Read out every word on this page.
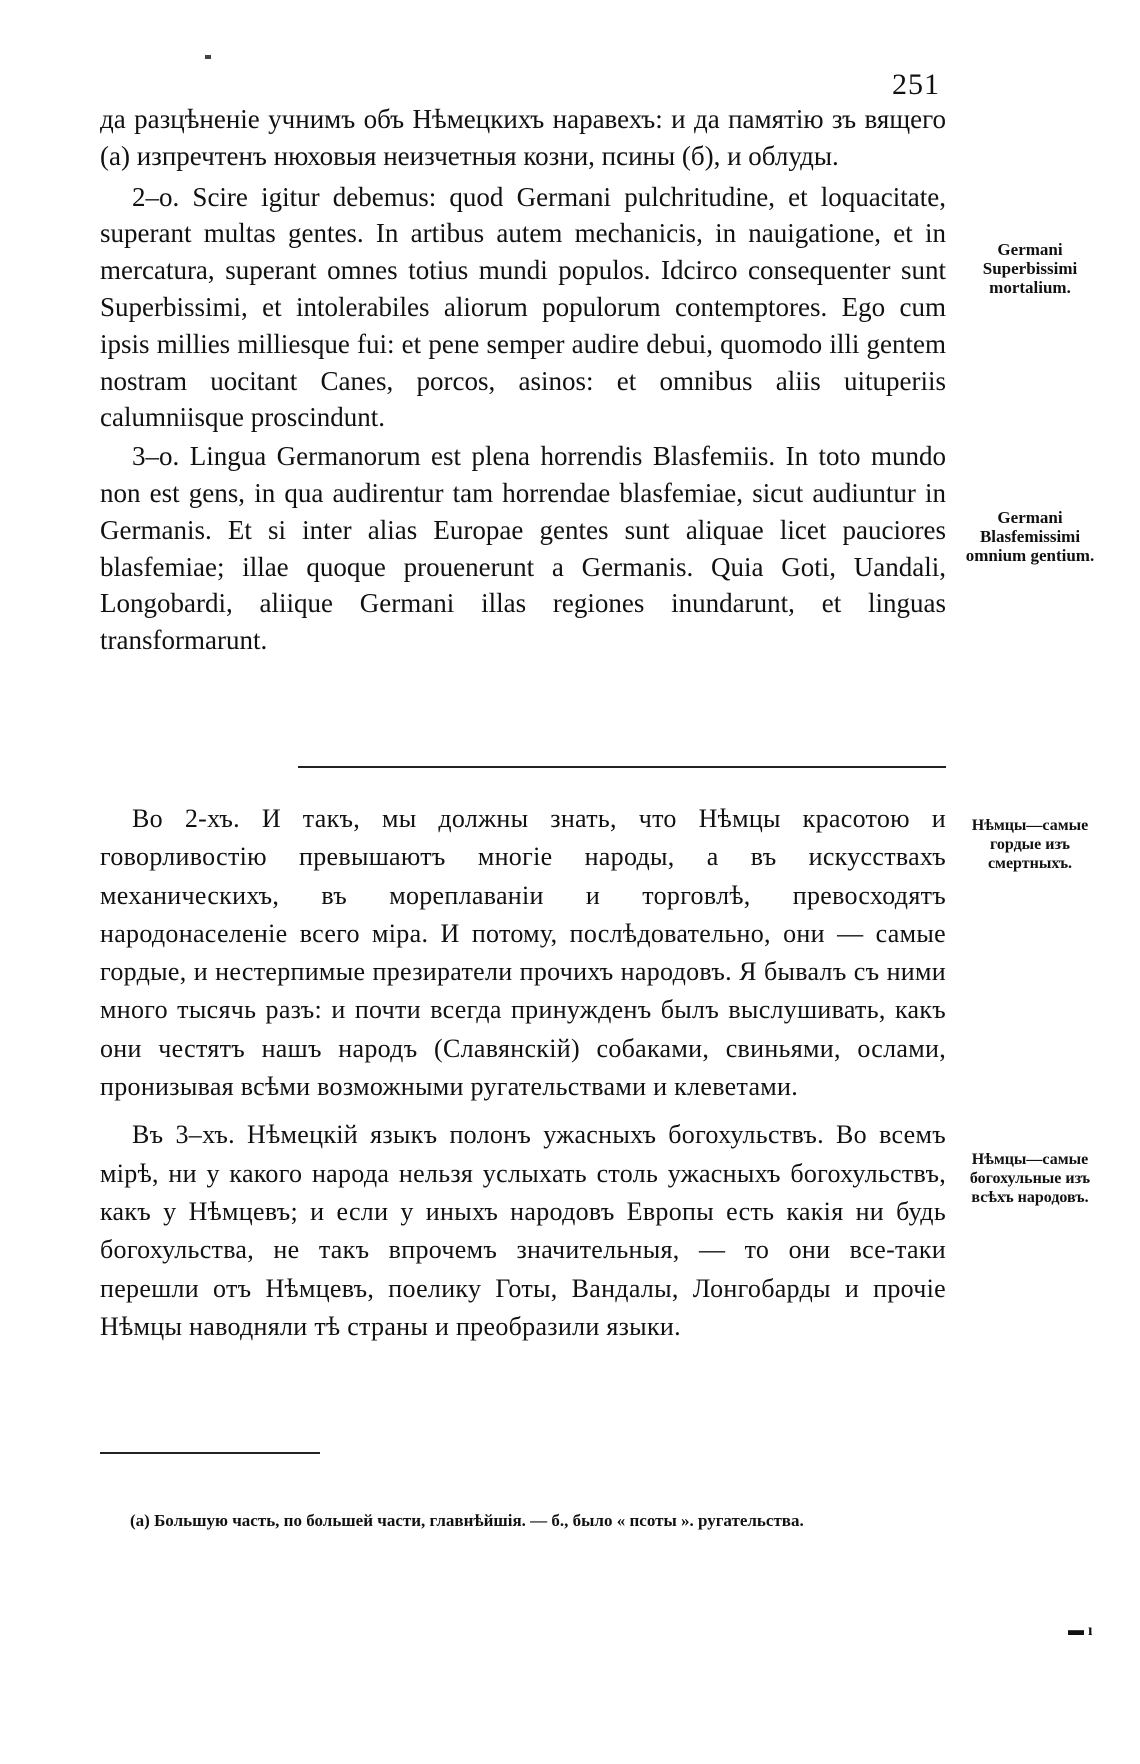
251

да разцѣненіе учнимъ объ Нѣмецкихъ наравехъ: и да памятію зъ вящего (а) изпречтенъ нюховыя неизчетныя козни, псины (б), и облуды.

2–o. Scire igitur debemus: quod Germani pulchritudine, et loquacitate, superant multas gentes. In artibus autem mechanicis, in nauigatione, et in mercatura, superant omnes totius mundi populos. Idcirco consequenter sunt Superbissimi, et intolerabiles aliorum populorum contemptores. Ego cum ipsis millies milliesque fui: et pene semper audire debui, quomodo illi gentem nostram uocitant Canes, porcos, asinos: et omnibus aliis uituperiis calumniisque proscindunt.

3–o. Lingua Germanorum est plena horrendis Blasfemiis. In toto mundo non est gens, in qua audirentur tam horrendae blasfemiae, sicut audiuntur in Germanis. Et si inter alias Europae gentes sunt aliquae licet pauciores blasfemiae; illae quoque prouenerunt a Germanis. Quia Goti, Uandali, Longobardi, aliique Germani illas regiones inundarunt, et linguas transformarunt.

Germani Superbissimi mortalium.
Germani Blasfemissimi omnium gentium.

Во 2-хъ. И такъ, мы должны знать, что Нѣмцы красотою и говорливостію превышаютъ многіе народы, а въ искусствахъ механическихъ, въ мореплаваніи и торговлѣ, превосходятъ народонаселеніе всего міра. И потому, послѣдовательно, они — самые гордые, и нестерпимые презиратели прочихъ народовъ. Я бывалъ съ ними много тысячь разъ: и почти всегда принужденъ былъ выслушивать, какъ они честятъ нашъ народъ (Славянскій) собаками, свиньями, ослами, пронизывая всѣми возможными ругательствами и клеветами.

Въ 3–хъ. Нѣмецкій языкъ полонъ ужасныхъ богохульствъ. Во всемъ мірѣ, ни у какого народа нельзя услыхать столь ужасныхъ богохульствъ, какъ у Нѣмцевъ; и если у иныхъ народовъ Европы есть какія ни будь богохульства, не такъ впрочемъ значительныя, — то они все-таки перешли отъ Нѣмцевъ, поелику Готы, Вандалы, Лонгобарды и прочіе Нѣмцы наводняли тѣ страны и преобразили языки.

Нѣмцы—самые гордые изъ смертныхъ.
Нѣмцы—самые богохульные изъ всѣхъ народовъ.
(а) Большую часть, по большей части, главнѣйшія. — б., было « псоты ». ругательства.
▬ ı
